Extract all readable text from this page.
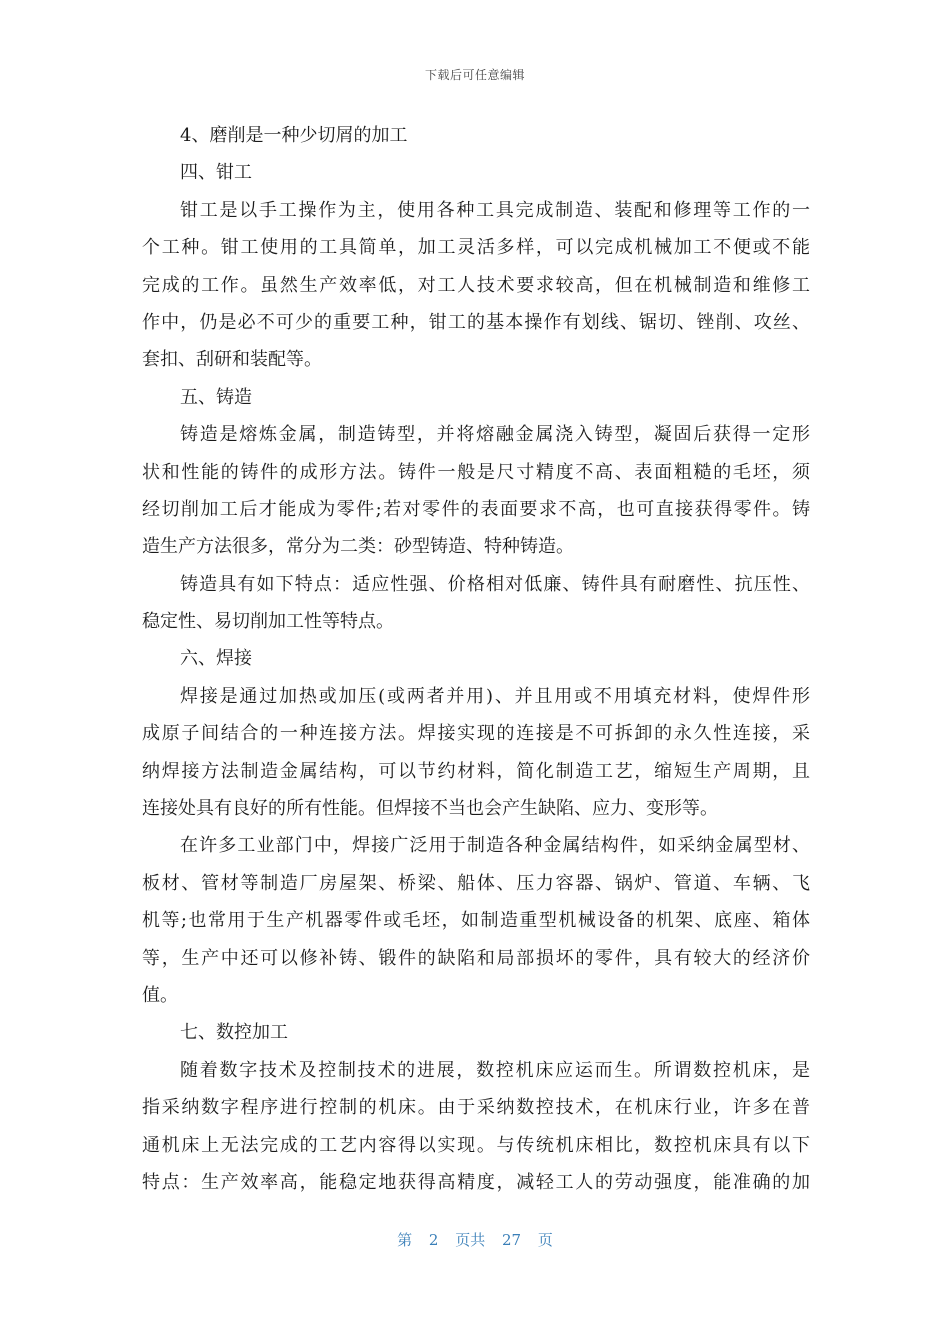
下载后可任意编辑
4、磨削是一种少切屑的加工
四、钳工
钳工是以手工操作为主，使用各种工具完成制造、装配和修理等工作的一
个工种。钳工使用的工具简单，加工灵活多样，可以完成机械加工不便或不能
完成的工作。虽然生产效率低，对工人技术要求较高，但在机械制造和维修工
作中，仍是必不可少的重要工种，钳工的基本操作有划线、锯切、锉削、攻丝、
套扣、刮研和装配等。
五、铸造
铸造是熔炼金属，制造铸型，并将熔融金属浇入铸型，凝固后获得一定形
状和性能的铸件的成形方法。铸件一般是尺寸精度不高、表面粗糙的毛坯，须
经切削加工后才能成为零件;若对零件的表面要求不高，也可直接获得零件。铸
造生产方法很多，常分为二类：砂型铸造、特种铸造。
铸造具有如下特点：适应性强、价格相对低廉、铸件具有耐磨性、抗压性、
稳定性、易切削加工性等特点。
六、焊接
焊接是通过加热或加压(或两者并用)、并且用或不用填充材料，使焊件形
成原子间结合的一种连接方法。焊接实现的连接是不可拆卸的永久性连接，采
纳焊接方法制造金属结构，可以节约材料，简化制造工艺，缩短生产周期，且
连接处具有良好的所有性能。但焊接不当也会产生缺陷、应力、变形等。
在许多工业部门中，焊接广泛用于制造各种金属结构件，如采纳金属型材、
板材、管材等制造厂房屋架、桥梁、船体、压力容器、锅炉、管道、车辆、飞
机等;也常用于生产机器零件或毛坯，如制造重型机械设备的机架、底座、箱体
等，生产中还可以修补铸、锻件的缺陷和局部损坏的零件，具有较大的经济价
值。
七、数控加工
随着数字技术及控制技术的进展，数控机床应运而生。所谓数控机床，是
指采纳数字程序进行控制的机床。由于采纳数控技术，在机床行业，许多在普
通机床上无法完成的工艺内容得以实现。与传统机床相比，数控机床具有以下
特点：生产效率高，能稳定地获得高精度，减轻工人的劳动强度，能准确的加
第 2 页共 27 页
